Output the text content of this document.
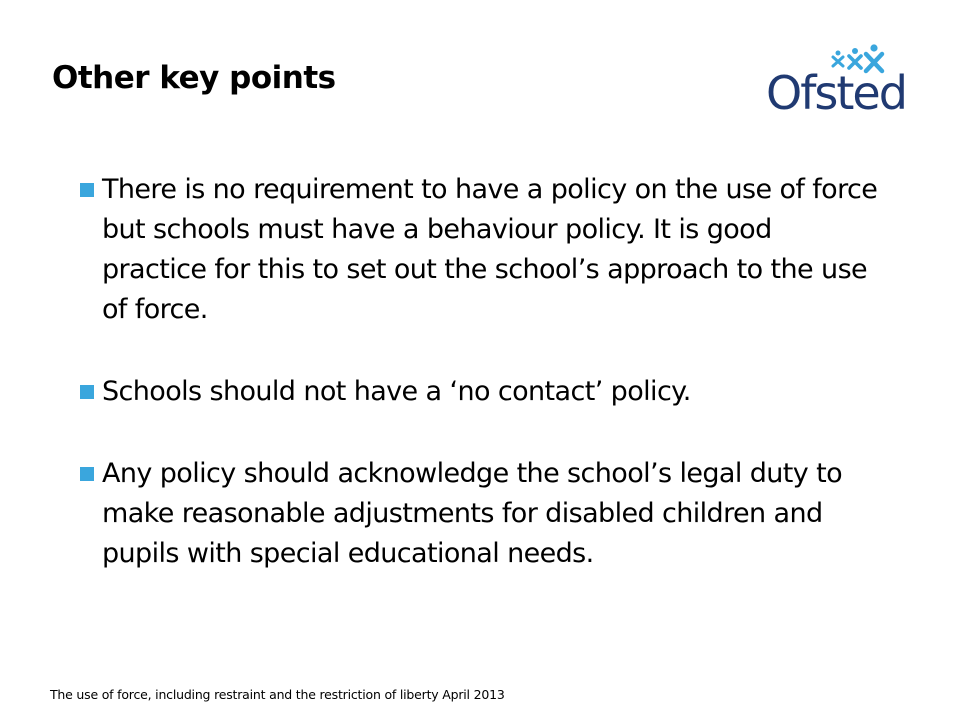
Other key points	Ofsted
There is no requirement to have a policy on the use of force but schools must have a behaviour policy. It is good practice for this to set out the school’s approach to the use of force.
Schools should not have a ‘no contact’ policy.
Any policy should acknowledge the school’s legal duty to make reasonable adjustments for disabled children and pupils with special educational needs.
The use of force, including restraint and the restriction of liberty April 2013
